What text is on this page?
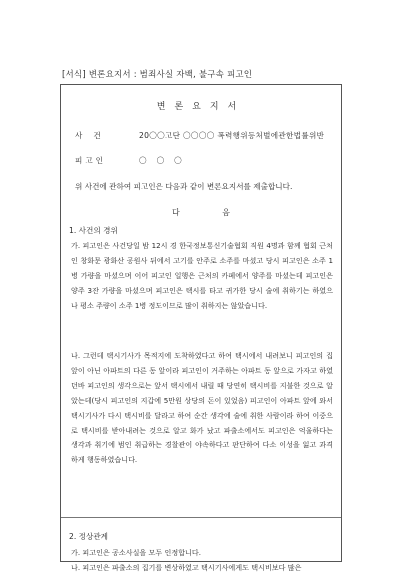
[서식] 변론요지서 : 범죄사실 자백, 불구속 피고인
변론요지서
사건	20〇〇고단 〇〇〇〇 폭력행위등처벌에관한법률위반
피고인	〇〇〇
위 사건에 관하여 피고인은 다음과 같이 변론요지서를 제출합니다.
다 음
1. 사건의 경위
가. 피고인은 사건당일 밤 12시 경 한국정보통신기술협회 직원 4명과 함께 협회 근처인 창화문 광화산 공원사 뒤에서 고기를 안주로 소주를 마셨고 당시 피고인은 소주 1병 가량을 마셨으며 이어 피고인 일행은 근처의 카페에서 양주를 마셨는데 피고인은 양주 3잔 가량을 마셨으며 피고인은 택시를 타고 귀가한 당시 술에 취하기는 하였으나 평소 주량이 소주 1병 정도이므로 많이 취하지는 않았습니다.
나. 그런데 택시기사가 목적지에 도착하였다고 하여 택시에서 내려보니 피고인의 집 앞이 아닌 아파트의 다른 동 앞이라 피고인이 거주하는 아파트 동 앞으로 가자고 하였던바 피고인의 생각으로는 앞서 택시에서 내릴 때 당연히 택시비를 지불한 것으로 알았는데(당시 피고인의 지갑에 5만원 상당의 돈이 있었음) 피고인이 아파트 앞에 와서 택시기사가 다시 택시비를 달라고 하여 순간 생각에 술에 취한 사람이라 하여 이중으로 택시비를 받아내려는 것으로 알고 화가 났고 파출소에서도 피고인은 억울하다는 생각과 취기에 범인 취급하는 경찰관이 야속하다고 판단하여 다소 이성을 잃고 과격하게 행동하였습니다.
2. 정상관계
가. 피고인은 공소사실을 모두 인정합니다.
나. 피고인은 파출소의 집기를 변상하였고 택시기사에게도 택시비보다 많은
